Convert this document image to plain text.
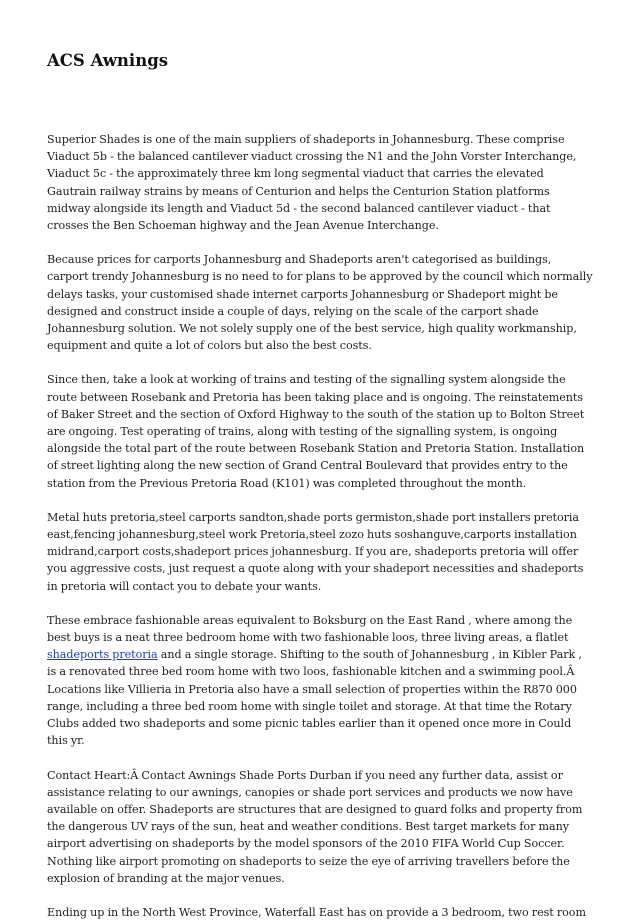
ACS Awnings

Superior Shades is one of the main suppliers of shadeports in Johannesburg. These comprise Viaduct 5b - the balanced cantilever viaduct crossing the N1 and the John Vorster Interchange, Viaduct 5c - the approximately three km long segmental viaduct that carries the elevated Gautrain railway strains by means of Centurion and helps the Centurion Station platforms midway alongside its length and Viaduct 5d - the second balanced cantilever viaduct - that crosses the Ben Schoeman highway and the Jean Avenue Interchange.

Because prices for carports Johannesburg and Shadeports aren't categorised as buildings, carport trendy Johannesburg is no need to for plans to be approved by the council which normally delays tasks, your customised shade internet carports Johannesburg or Shadeport might be designed and construct inside a couple of days, relying on the scale of the carport shade Johannesburg solution. We not solely supply one of the best service, high quality workmanship, equipment and quite a lot of colors but also the best costs.

Since then, take a look at working of trains and testing of the signalling system alongside the route between Rosebank and Pretoria has been taking place and is ongoing. The reinstatements of Baker Street and the section of Oxford Highway to the south of the station up to Bolton Street are ongoing. Test operating of trains, along with testing of the signalling system, is ongoing alongside the total part of the route between Rosebank Station and Pretoria Station. Installation of street lighting along the new section of Grand Central Boulevard that provides entry to the station from the Previous Pretoria Road (K101) was completed throughout the month.

Metal huts pretoria,steel carports sandton,shade ports germiston,shade port installers pretoria east,fencing johannesburg,steel work Pretoria,steel zozo huts soshanguve,carports installation midrand,carport costs,shadeport prices johannesburg. If you are, shadeports pretoria will offer you aggressive costs, just request a quote along with your shadeport necessities and shadeports in pretoria will contact you to debate your wants.

These embrace fashionable areas equivalent to Boksburg on the East Rand , where among the best buys is a neat three bedroom home with two fashionable loos, three living areas, a flatlet shadeports pretoria and a single storage. Shifting to the south of Johannesburg , in Kibler Park , is a renovated three bed room home with two loos, fashionable kitchen and a swimming pool.Â Locations like Villieria in Pretoria also have a small selection of properties within the R870 000 range, including a three bed room home with single toilet and storage. At that time the Rotary Clubs added two shadeports and some picnic tables earlier than it opened once more in Could this yr.

Contact Heart:Â Contact Awnings Shade Ports Durban if you need any further data, assist or assistance relating to our awnings, canopies or shade port services and products we now have available on offer. Shadeports are structures that are designed to guard folks and property from the dangerous UV rays of the sun, heat and weather conditions. Best target markets for many airport advertising on shadeports by the model sponsors of the 2010 FIFA World Cup Soccer. Nothing like airport promoting on shadeports to seize the eye of arriving travellers before the explosion of branding at the major venues.

Ending up in the North West Province, Waterfall East has on provide a 3 bedroom, two rest room
